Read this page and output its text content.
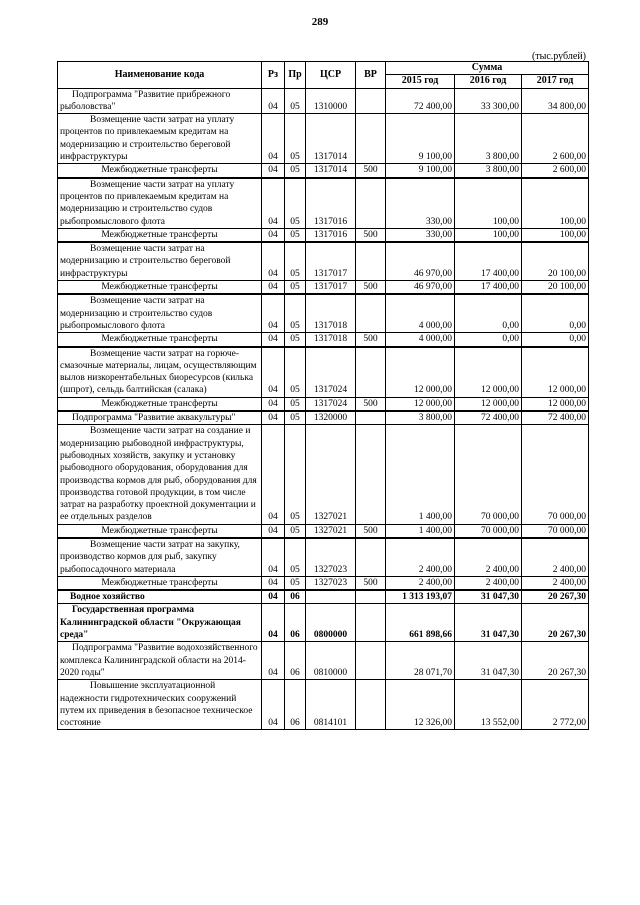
289
(тыс.рублей)
Наименование кода	Рз	Пр	ЦСР	ВР	Сумма		
					2015 год	2016 год	2017 год
Подпрограмма "Развитие прибрежного рыболовства"	04	05	1310000		72 400,00	33 300,00	34 800,00
Возмещение части затрат на уплату процентов по привлекаемым кредитам на модернизацию и строительство береговой инфраструктуры	04	05	1317014		9 100,00	3 800,00	2 600,00
Межбюджетные трансферты	04	05	1317014	500	9 100,00	3 800,00	2 600,00
Возмещение части затрат на уплату процентов по привлекаемым кредитам на модернизацию и строительство судов рыбопромыслового флота	04	05	1317016		330,00	100,00	100,00
Межбюджетные трансферты	04	05	1317016	500	330,00	100,00	100,00
Возмещение части затрат на модернизацию и строительство береговой инфраструктуры	04	05	1317017		46 970,00	17 400,00	20 100,00
Межбюджетные трансферты	04	05	1317017	500	46 970,00	17 400,00	20 100,00
Возмещение части затрат на модернизацию и строительство судов рыбопромыслового флота	04	05	1317018		4 000,00	0,00	0,00
Межбюджетные трансферты	04	05	1317018	500	4 000,00	0,00	0,00
Возмещение части затрат на горюче-смазочные материалы, лицам, осуществляющим вылов низкорентабельных биоресурсов (килька (шпрот), сельдь балтийская (салака)	04	05	1317024		12 000,00	12 000,00	12 000,00
Межбюджетные трансферты	04	05	1317024	500	12 000,00	12 000,00	12 000,00
Подпрограмма "Развитие аквакультуры"	04	05	1320000		3 800,00	72 400,00	72 400,00
Возмещение части затрат на создание и модернизацию рыбоводной инфраструктуры, рыбоводных хозяйств, закупку и установку рыбоводного оборудования, оборудования для производства кормов для рыб, оборудования для производства готовой продукции, в том числе затрат на разработку проектной документации и ее отдельных разделов	04	05	1327021		1 400,00	70 000,00	70 000,00
Межбюджетные трансферты	04	05	1327021	500	1 400,00	70 000,00	70 000,00
Возмещение части затрат на закупку, производство кормов для рыб, закупку рыбопосадочного материала	04	05	1327023		2 400,00	2 400,00	2 400,00
Межбюджетные трансферты	04	05	1327023	500	2 400,00	2 400,00	2 400,00
Водное хозяйство	04	06			1 313 193,07	31 047,30	20 267,30
Государственная программа Калининградской области "Окружающая среда"	04	06	0800000		661 898,66	31 047,30	20 267,30
Подпрограмма "Развитие водохозяйственного комплекса Калининградской области на 2014-2020 годы"	04	06	0810000		28 071,70	31 047,30	20 267,30
Повышение эксплуатационной надежности гидротехнических сооружений путем их приведения в безопасное техническое состояние	04	06	0814101		12 326,00	13 552,00	2 772,00
